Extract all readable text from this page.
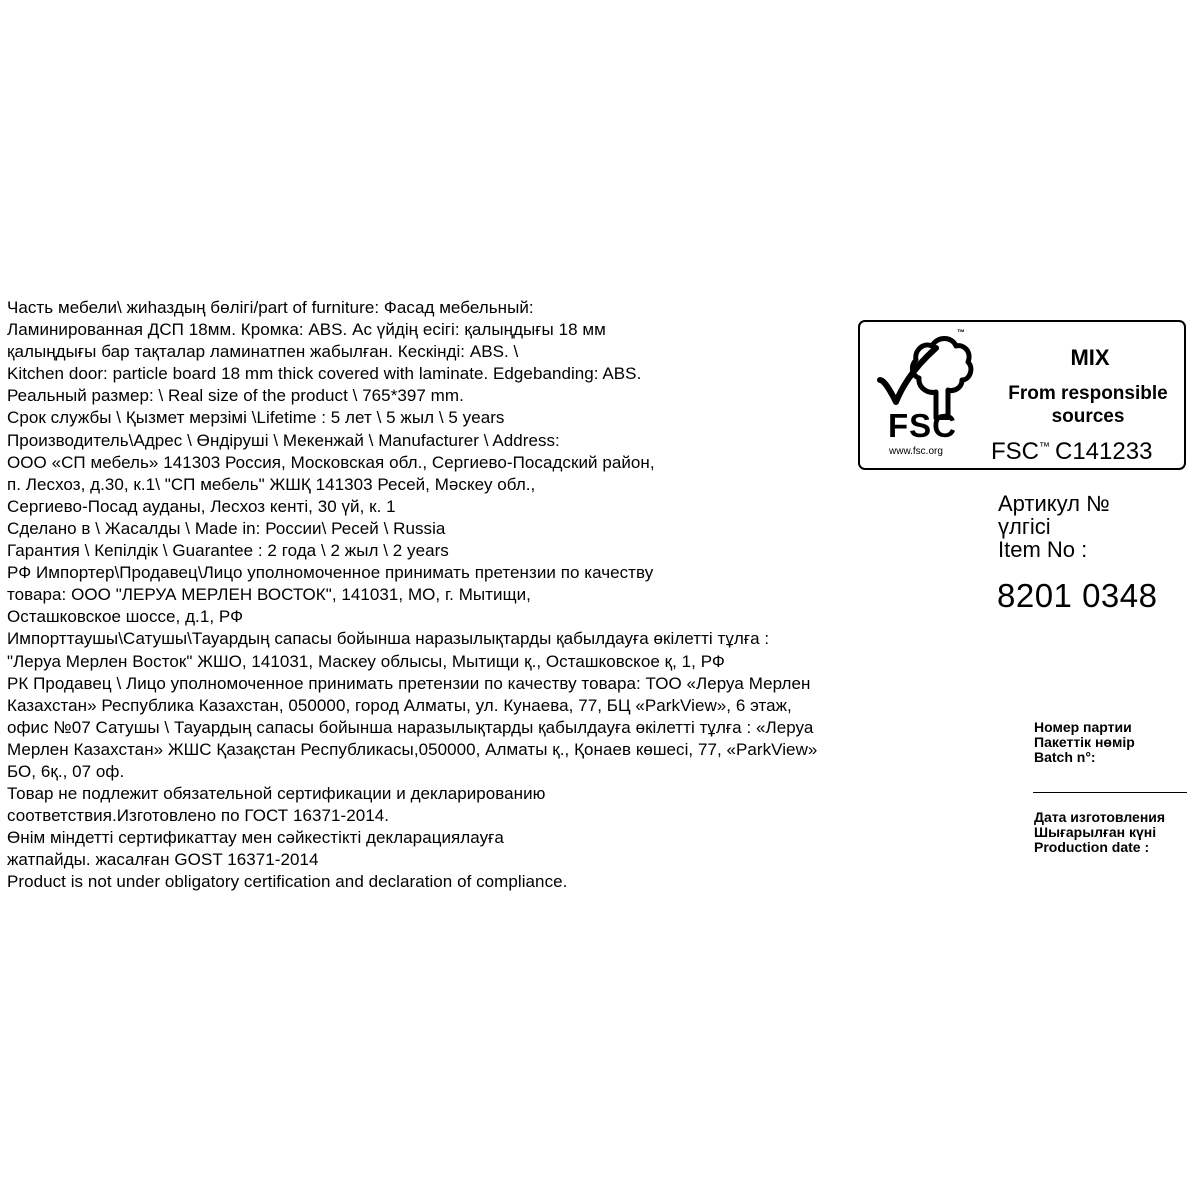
Часть мебели\ жиһаздың бөлігі/part of furniture: Фасад мебельный:
Ламинированная ДСП 18мм. Кромка: ABS. Ас үйдің есігі: қалыңдығы 18 мм
қалыңдығы бар тақталар ламинатпен жабылған. Кескінді: ABS. \
Kitchen door: particle board 18 mm thick covered with laminate. Edgebanding: ABS.
Реальный размер: \ Real size of the product \ 765*397 mm.
Срок службы \ Қызмет мерзімі \Lifetime : 5 лет \ 5 жыл \ 5 years
Производитель\Адрес \ Өндіруші \ Мекенжай \ Manufacturer \ Address:
ООО «СП мебель» 141303 Россия, Московская обл., Сергиево-Посадский район,
п. Лесхоз, д.30, к.1\ "СП мебель" ЖШҚ 141303 Ресей, Мәскеу обл.,
Сергиево-Посад ауданы, Лесхоз кенті, 30 үй, к. 1
Сделано в \ Жасалды \ Made in: России\ Ресей \ Russia
Гарантия \ Кепілдік \ Guarantee : 2 года \ 2 жыл \ 2 years
РФ Импортер\Продавец\Лицо уполномоченное принимать претензии по качеству
товара: ООО "ЛЕРУА МЕРЛЕН ВОСТОК", 141031, МО, г. Мытищи,
Осташковское шоссе, д.1, РФ
Импорттаушы\Сатушы\Тауардың сапасы бойынша наразылықтарды қабылдауға өкілетті тұлға :
"Леруа Мерлен Восток" ЖШО, 141031, Маскеу облысы, Мытищи қ., Осташковское қ, 1, РФ
РК Продавец \ Лицо уполномоченное принимать претензии по качеству товара: ТОО «Леруа Мерлен
Казахстан» Республика Казахстан, 050000, город Алматы, ул. Кунаева, 77, БЦ «ParkView», 6 этаж,
офис №07 Сатушы \ Тауардың сапасы бойынша наразылықтарды қабылдауға өкілетті тұлға : «Леруа
Мерлен Казахстан» ЖШС Қазақстан Республикасы,050000, Алматы қ., Қонаев көшесі, 77, «ParkView»
БО, 6қ., 07 оф.
Товар не подлежит обязательной сертификации и декларированию
соответствия.Изготовлено по ГОСТ 16371-2014.
Өнім міндетті сертификаттау мен сәйкестікті декларациялауға
жатпайды. жасалған GOST 16371-2014
Product is not under obligatory certification and declaration of compliance.
™
FSC
www.fsc.org
MIX
From responsible
sources
FSC™ C141233
Артикул №
үлгісі
Item No :
8201 0348
Номер партии
Пакеттік нөмір
Batch n°:
Дата изготовления
Шығарылған күні
Production date :
